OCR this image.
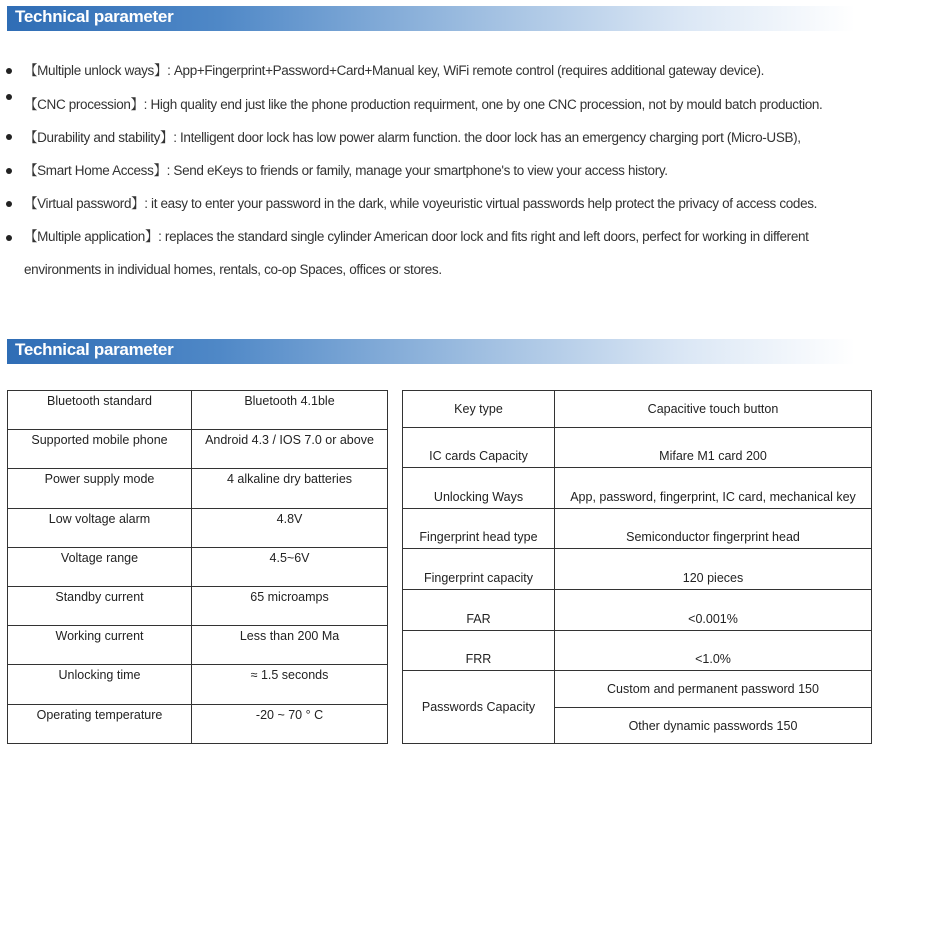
Technical parameter
【Multiple unlock ways】: App+Fingerprint+Password+Card+Manual key, WiFi remote control (requires additional gateway device).
【CNC procession】: High quality end just like the phone production requirment, one by one CNC procession, not by mould batch production.
【Durability and stability】: Intelligent door lock has low power alarm function. the door lock has an emergency charging port (Micro-USB),
【Smart Home Access】: Send eKeys to friends or family, manage your smartphone's to view your access history.
【Virtual password】: it easy to enter your password in the dark, while voyeuristic virtual passwords help protect the privacy of access codes.
【Multiple application】: replaces the standard single cylinder American door lock and fits right and left doors, perfect for working in different
environments in individual homes, rentals, co-op Spaces, offices or stores.
Technical parameter
Bluetooth standard	Bluetooth 4.1ble
Supported mobile phone	Android 4.3 / IOS 7.0 or above
Power supply mode	4 alkaline dry batteries
Low voltage alarm	4.8V
Voltage range	4.5~6V
Standby current	65 microamps
Working current	Less than 200 Ma
Unlocking time	≈ 1.5 seconds
Operating temperature	-20 ~ 70 ° C
Key type	Capacitive touch button
IC cards Capacity	Mifare M1 card 200
Unlocking Ways	App, password, fingerprint, IC card, mechanical key
Fingerprint head type	Semiconductor fingerprint head
Fingerprint capacity	120 pieces
FAR	<0.001%
FRR	<1.0%
Passwords Capacity	Custom and permanent password 150
	Other dynamic passwords 150
